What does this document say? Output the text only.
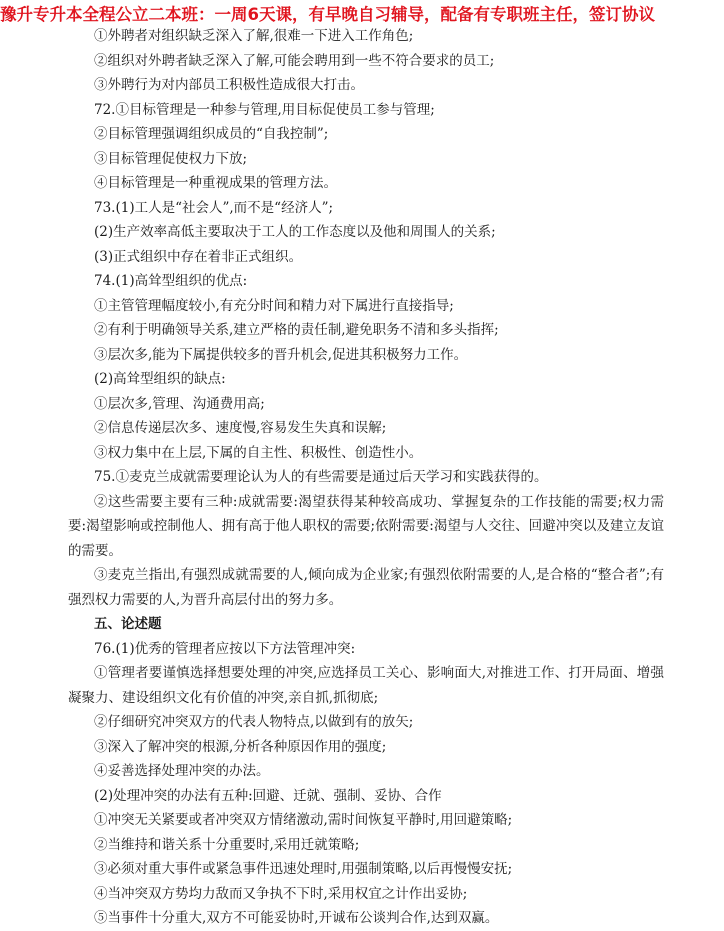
豫升专升本全程公立二本班：一周6天课，有早晚自习辅导，配备有专职班主任，签订协议

①外聘者对组织缺乏深入了解,很难一下进入工作角色;

②组织对外聘者缺乏深入了解,可能会聘用到一些不符合要求的员工;

③外聘行为对内部员工积极性造成很大打击。

72.①目标管理是一种参与管理,用目标促使员工参与管理;

②目标管理强调组织成员的“自我控制”;

③目标管理促使权力下放;

④目标管理是一种重视成果的管理方法。

73.(1)工人是“社会人”,而不是“经济人”;

(2)生产效率高低主要取决于工人的工作态度以及他和周围人的关系;

(3)正式组织中存在着非正式组织。

74.(1)高耸型组织的优点:

①主管管理幅度较小,有充分时间和精力对下属进行直接指导;

②有利于明确领导关系,建立严格的责任制,避免职务不清和多头指挥;

③层次多,能为下属提供较多的晋升机会,促进其积极努力工作。

(2)高耸型组织的缺点:

①层次多,管理、沟通费用高;

②信息传递层次多、速度慢,容易发生失真和误解;

③权力集中在上层,下属的自主性、积极性、创造性小。

75.①麦克兰成就需要理论认为人的有些需要是通过后天学习和实践获得的。

②这些需要主要有三种:成就需要:渴望获得某种较高成功、掌握复杂的工作技能的需要;权力需要:渴望影响或控制他人、拥有高于他人职权的需要;依附需要:渴望与人交往、回避冲突以及建立友谊的需要。

③麦克兰指出,有强烈成就需要的人,倾向成为企业家;有强烈依附需要的人,是合格的“整合者”;有强烈权力需要的人,为晋升高层付出的努力多。

五、论述题

76.(1)优秀的管理者应按以下方法管理冲突:

①管理者要谨慎选择想要处理的冲突,应选择员工关心、影响面大,对推进工作、打开局面、增强凝聚力、建设组织文化有价值的冲突,亲自抓,抓彻底;

②仔细研究冲突双方的代表人物特点,以做到有的放矢;

③深入了解冲突的根源,分析各种原因作用的强度;

④妥善选择处理冲突的办法。

(2)处理冲突的办法有五种:回避、迁就、强制、妥协、合作

①冲突无关紧要或者冲突双方情绪激动,需时间恢复平静时,用回避策略;

②当维持和谐关系十分重要时,采用迁就策略;

③必须对重大事件或紧急事件迅速处理时,用强制策略,以后再慢慢安抚;

④当冲突双方势均力敌而又争执不下时,采用权宜之计作出妥协;

⑤当事件十分重大,双方不可能妥协时,开诚布公谈判合作,达到双赢。
